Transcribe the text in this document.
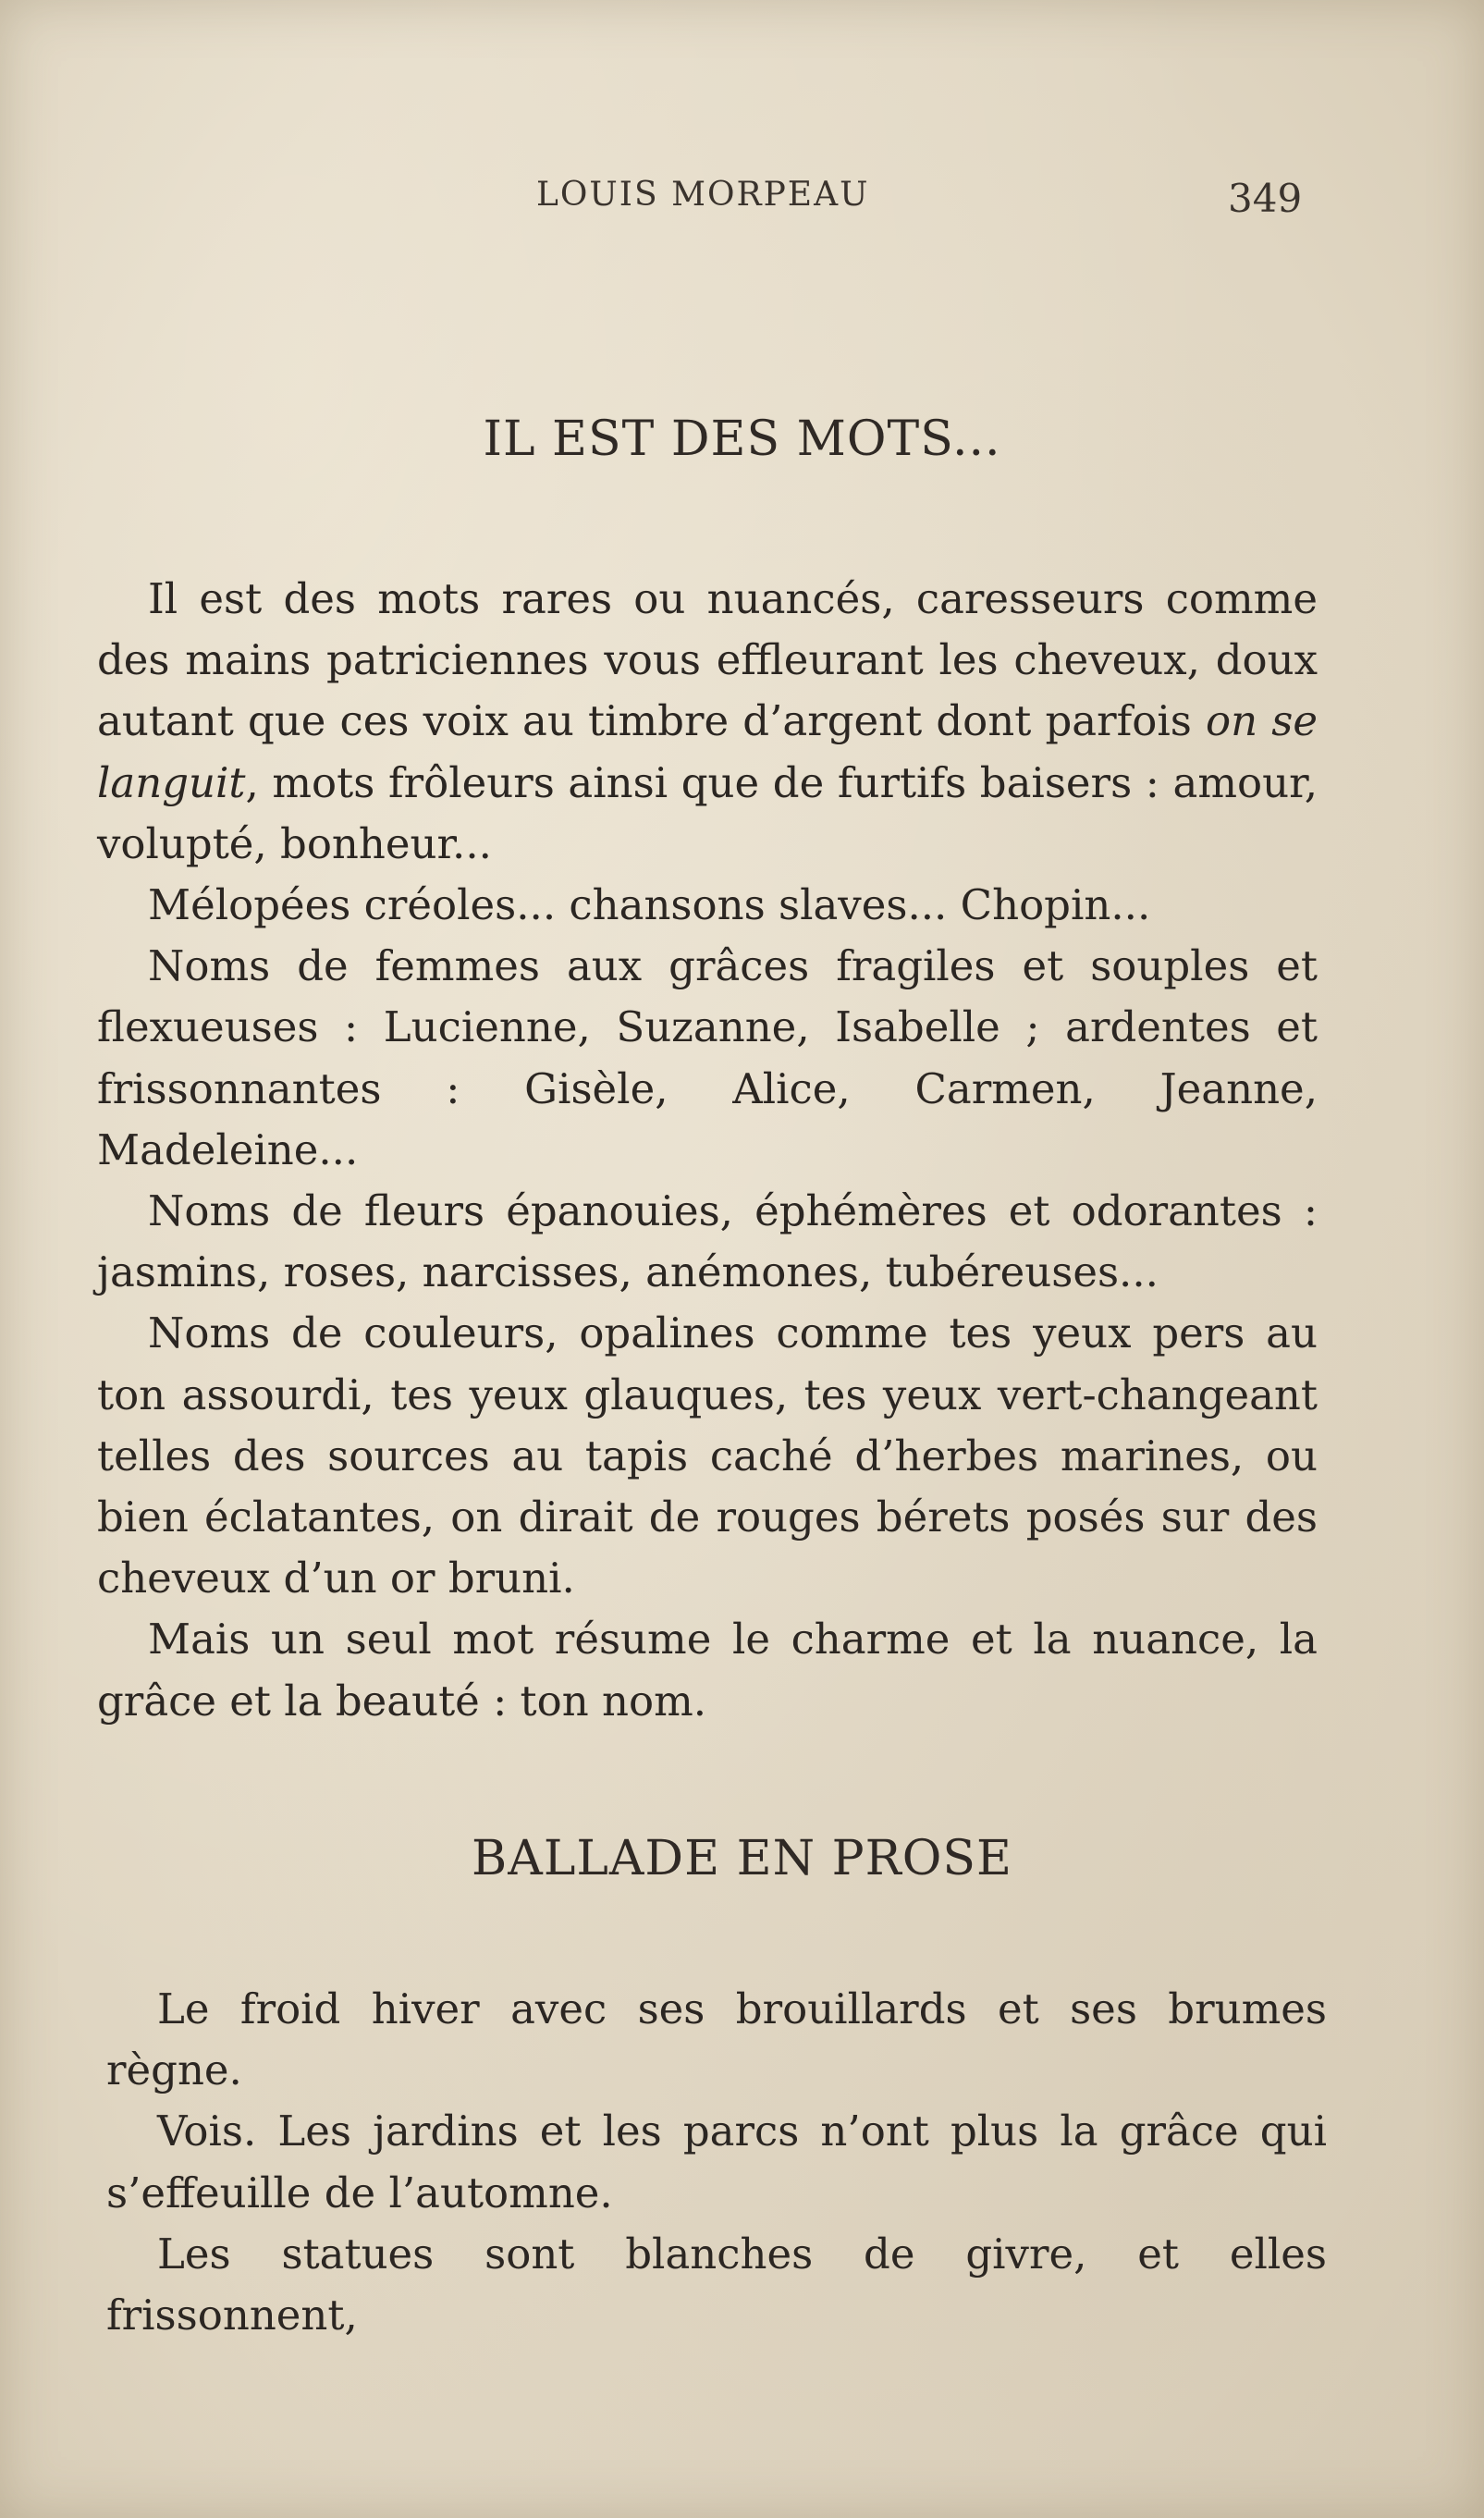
LOUIS MORPEAU	349
IL EST DES MOTS...

Il est des mots rares ou nuancés, caresseurs comme des mains patriciennes vous effleurant les cheveux, doux autant que ces voix au timbre d’argent dont parfois on se languit, mots frôleurs ainsi que de furtifs baisers : amour, volupté, bonheur...

Mélopées créoles... chansons slaves... Chopin...

Noms de femmes aux grâces fragiles et souples et flexueuses : Lucienne, Suzanne, Isabelle ; ardentes et frissonnantes : Gisèle, Alice, Carmen, Jeanne, Madeleine...

Noms de fleurs épanouies, éphémères et odorantes : jasmins, roses, narcisses, anémones, tubéreuses...

Noms de couleurs, opalines comme tes yeux pers au ton assourdi, tes yeux glauques, tes yeux vert-changeant telles des sources au tapis caché d’herbes marines, ou bien éclatantes, on dirait de rouges bérets posés sur des cheveux d’un or bruni.

Mais un seul mot résume le charme et la nuance, la grâce et la beauté : ton nom.

BALLADE EN PROSE

Le froid hiver avec ses brouillards et ses brumes règne.

Vois. Les jardins et les parcs n’ont plus la grâce qui s’effeuille de l’automne.

Les statues sont blanches de givre, et elles frissonnent,
